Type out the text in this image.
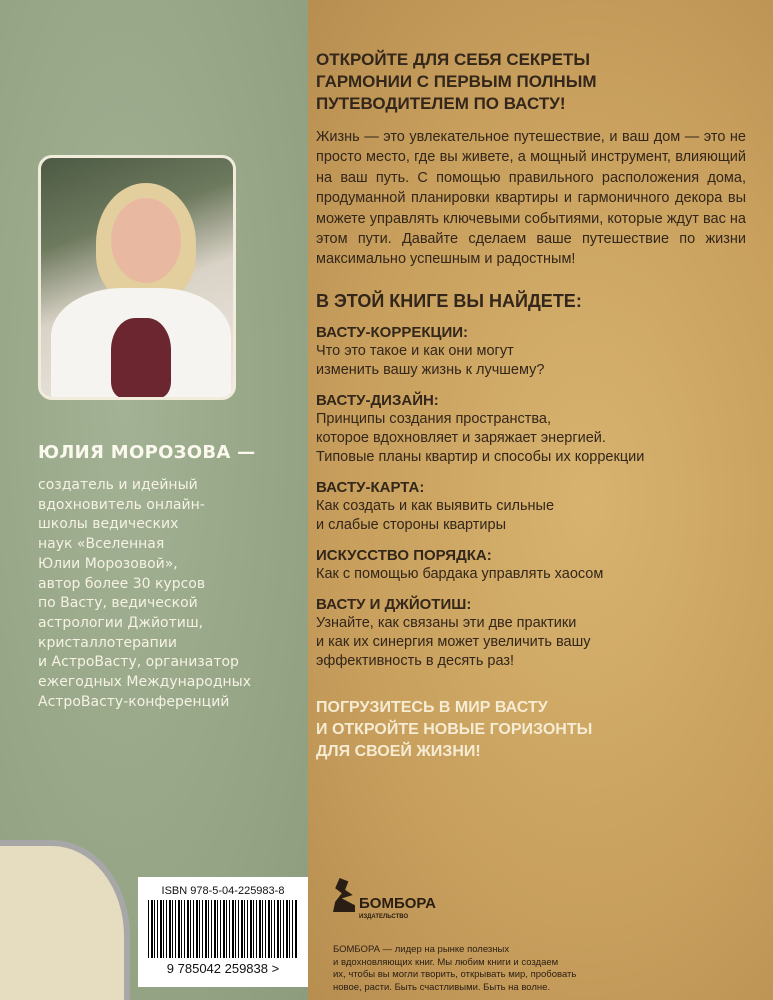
ЮЛИЯ МОРОЗОВА —
создатель и идейный
вдохновитель онлайн-
школы ведических
наук «Вселенная
Юлии Морозовой»,
автор более 30 курсов
по Васту, ведической
астрологии Джйотиш,
кристаллотерапии
и АстроВасту, организатор
ежегодных Международных
АстроВасту-конференций
ОТКРОЙТЕ ДЛЯ СЕБЯ СЕКРЕТЫ
ГАРМОНИИ С ПЕРВЫМ ПОЛНЫМ
ПУТЕВОДИТЕЛЕМ ПО ВАСТУ!
Жизнь — это увлекательное путешествие, и ваш дом — это не просто место, где вы живете, а мощный инструмент, влияющий на ваш путь. С помощью правильного расположения дома, продуманной планировки квартиры и гармоничного декора вы можете управлять ключевыми событиями, которые ждут вас на этом пути. Давайте сделаем ваше путешествие по жизни максимально успешным и радостным!
В ЭТОЙ КНИГЕ ВЫ НАЙДЕТЕ:
ВАСТУ-КОРРЕКЦИИ:
Что это такое и как они могут
изменить вашу жизнь к лучшему?
ВАСТУ-ДИЗАЙН:
Принципы создания пространства,
которое вдохновляет и заряжает энергией.
Типовые планы квартир и способы их коррекции
ВАСТУ-КАРТА:
Как создать и как выявить сильные
и слабые стороны квартиры
ИСКУССТВО ПОРЯДКА:
Как с помощью бардака управлять хаосом
ВАСТУ И ДЖЙОТИШ:
Узнайте, как связаны эти две практики
и как их синергия может увеличить вашу
эффективность в десять раз!
ПОГРУЗИТЕСЬ В МИР ВАСТУ
И ОТКРОЙТЕ НОВЫЕ ГОРИЗОНТЫ
ДЛЯ СВОЕЙ ЖИЗНИ!
ISBN 978-5-04-225983-8
9 785042 259838 >
БОМБОРА
ИЗДАТЕЛЬСТВО
БОМБОРА — лидер на рынке полезных
и вдохновляющих книг. Мы любим книги и создаем
их, чтобы вы могли творить, открывать мир, пробовать
новое, расти. Быть счастливыми. Быть на волне.
